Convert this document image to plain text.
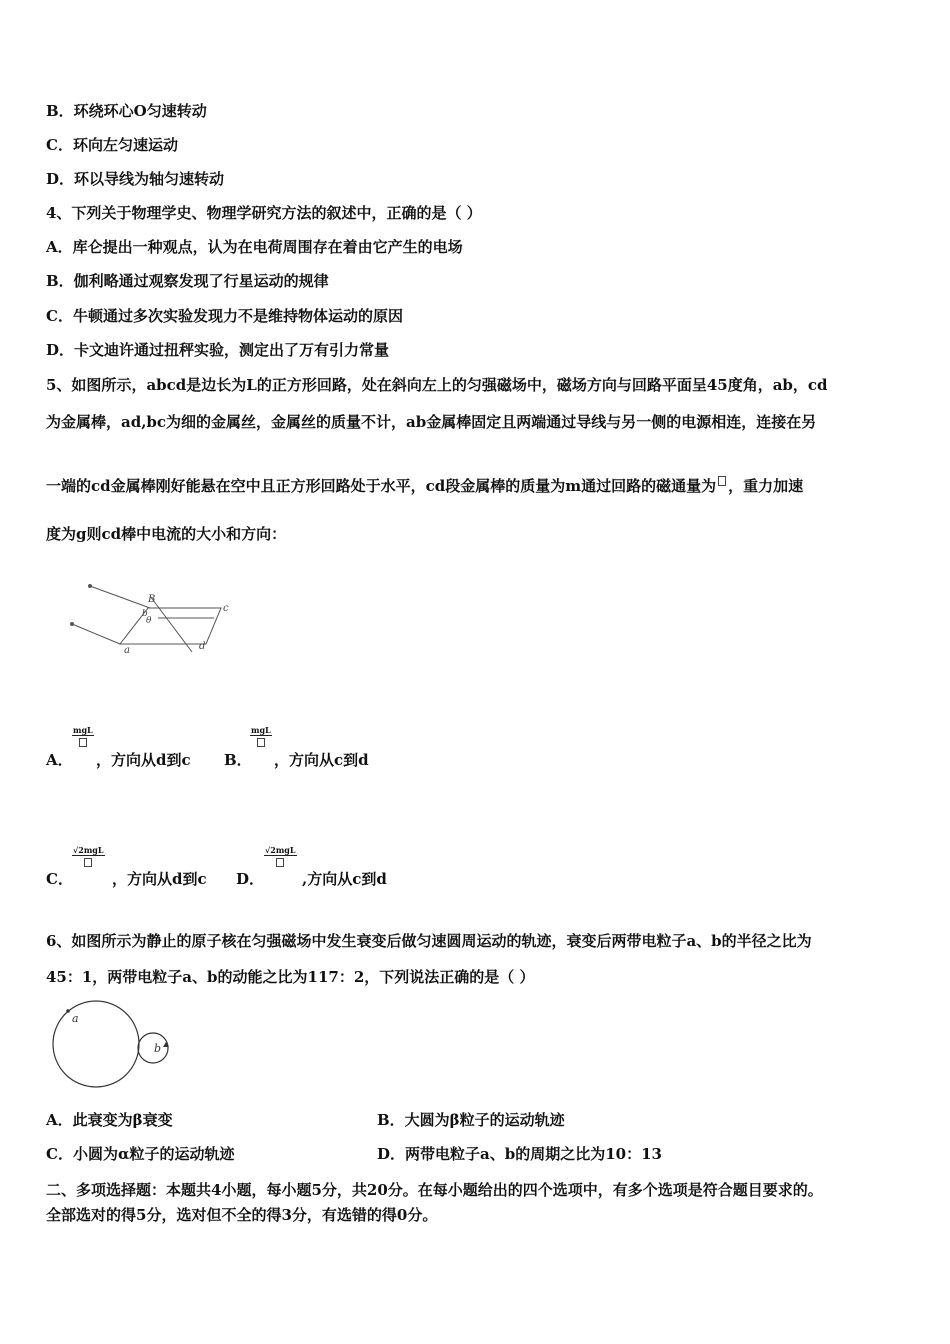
B．环绕环心O匀速转动
C．环向左匀速运动
D．环以导线为轴匀速转动
4、下列关于物理学史、物理学研究方法的叙述中，正确的是（ ）
A．库仑提出一种观点，认为在电荷周围存在着由它产生的电场
B．伽利略通过观察发现了行星运动的规律
C．牛顿通过多次实验发现力不是维持物体运动的原因
D．卡文迪许通过扭秤实验，测定出了万有引力常量
5、如图所示，abcd是边长为L的正方形回路，处在斜向左上的匀强磁场中，磁场方向与回路平面呈45度角，ab，cd
为金属棒，ad,bc为细的金属丝，金属丝的质量不计，ab金属棒固定且两端通过导线与另一侧的电源相连，连接在另
一端的cd金属棒刚好能悬在空中且正方形回路处于水平，cd段金属棒的质量为m通过回路的磁通量为 ，重力加速
度为g则cd棒中电流的大小和方向：
B
θ
b	c
d
a
mgL
A． ，方向从d到c
mgL
B． ，方向从c到d
√2mgL
C．	，方向从d到c
√2mgL
D．	,方向从c到d
6、如图所示为静止的原子核在匀强磁场中发生衰变后做匀速圆周运动的轨迹，衰变后两带电粒子a、b的半径之比为
45：1，两带电粒子a、b的动能之比为117：2，下列说法正确的是（ ）
a
b
A．此衰变为β衰变	B．大圆为β粒子的运动轨迹
C．小圆为α粒子的运动轨迹	D．两带电粒子a、b的周期之比为10：13
二、多项选择题：本题共4小题，每小题5分，共20分。在每小题给出的四个选项中，有多个选项是符合题目要求的。
全部选对的得5分，选对但不全的得3分，有选错的得0分。
